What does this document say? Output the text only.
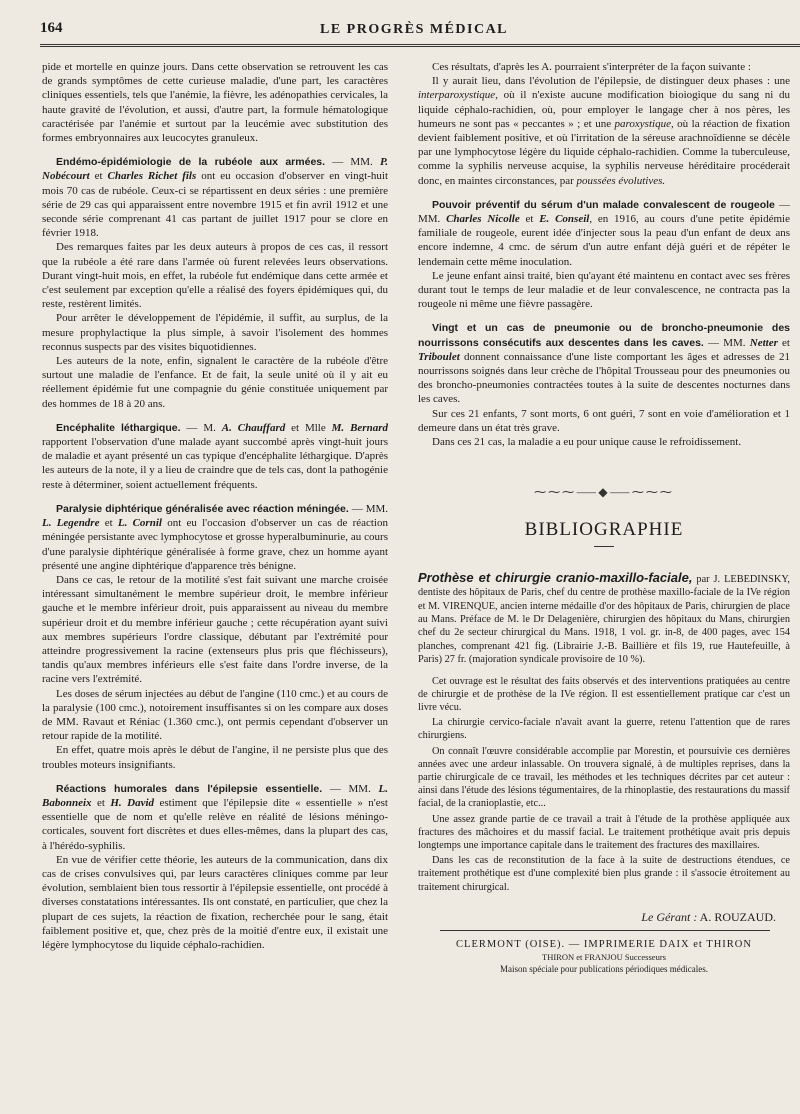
164	LE PROGRÈS MÉDICAL

pide et mortelle en quinze jours. Dans cette observation se retrouvent les cas de grands symptômes de cette curieuse maladie, d'une part, les caractères cliniques essentiels, tels que l'anémie, la fièvre, les adénopathies cervicales, la haute gravité de l'évolution, et aussi, d'autre part, la formule hématologique caractérisée par l'anémie et surtout par la leucémie avec substitution des formes embryonnaires aux leucocytes granuleux.

Endémo-épidémiologie de la rubéole aux armées. — MM. P. Nobécourt et Charles Richet fils ont eu occasion d'observer en vingt-huit mois 70 cas de rubéole. Ceux-ci se répartissent en deux séries : une première série de 29 cas qui apparaissent entre novembre 1915 et fin avril 1912 et une seconde série comprenant 41 cas partant de juillet 1917 pour se clore en février 1918.

Des remarques faites par les deux auteurs à propos de ces cas, il ressort que la rubéole a été rare dans l'armée où furent relevées leurs observations. Durant vingt-huit mois, en effet, la rubéole fut endémique dans cette armée et c'est seulement par exception qu'elle a réalisé des foyers épidémiques qui, du reste, restèrent limités.

Pour arrêter le développement de l'épidémie, il suffit, au surplus, de la mesure prophylactique la plus simple, à savoir l'isolement des hommes reconnus suspects par des visites biquotidiennes.

Les auteurs de la note, enfin, signalent le caractère de la rubéole d'être surtout une maladie de l'enfance. Et de fait, la seule unité où il y ait eu réellement épidémie fut une compagnie du génie constituée uniquement par des hommes de 18 à 20 ans.

Encéphalite léthargique. — M. A. Chauffard et Mlle M. Bernard rapportent l'observation d'une malade ayant succombé après vingt-huit jours de maladie et ayant présenté un cas typique d'encéphalite léthargique. D'après les auteurs de la note, il y a lieu de craindre que de tels cas, dont la pathogénie reste à déterminer, soient actuellement fréquents.

Paralysie diphtérique généralisée avec réaction méningée. — MM. L. Legendre et L. Cornil ont eu l'occasion d'observer un cas de réaction méningée persistante avec lymphocytose et grosse hyperalbuminurie, au cours d'une paralysie diphtérique généralisée à forme grave, chez un homme ayant présenté une angine diphtérique d'apparence très bénigne.

Dans ce cas, le retour de la motilité s'est fait suivant une marche croisée intéressant simultanément le membre supérieur droit, le membre inférieur gauche et le membre inférieur droit, puis apparaissent au niveau du membre supérieur droit et du membre inférieur gauche ; cette récupération ayant suivi aux membres supérieurs l'ordre classique, débutant par l'extrémité pour atteindre progressivement la racine (extenseurs plus pris que fléchisseurs), tandis qu'aux membres inférieurs elle s'est faite dans l'ordre inverse, de la racine vers l'extrémité.

Les doses de sérum injectées au début de l'angine (110 cmc.) et au cours de la paralysie (100 cmc.), notoirement insuffisantes si on les compare aux doses de MM. Ravaut et Réniac (1.360 cmc.), ont permis cependant d'observer un retour rapide de la motilité.

En effet, quatre mois après le début de l'angine, il ne persiste plus que des troubles moteurs insignifiants.

Réactions humorales dans l'épilepsie essentielle. — MM. L. Babonneix et H. David estiment que l'épilepsie dite « essentielle » n'est essentielle que de nom et qu'elle relève en réalité de lésions méningo-corticales, souvent fort discrètes et dues elles-mêmes, dans la plupart des cas, à l'hérédo-syphilis.

En vue de vérifier cette théorie, les auteurs de la communication, dans dix cas de crises convulsives qui, par leurs caractères cliniques comme par leur évolution, semblaient bien tous ressortir à l'épilepsie essentielle, ont procédé à diverses constatations intéressantes. Ils ont constaté, en particulier, que chez la plupart de ces sujets, la réaction de fixation, recherchée pour le sang, était faiblement positive et, que, chez près de la moitié d'entre eux, il existait une légère lymphocytose du liquide céphalo-rachidien.

Ces résultats, d'après les A. pourraient s'interpréter de la façon suivante :

Il y aurait lieu, dans l'évolution de l'épilepsie, de distinguer deux phases : une interparoxystique, où il n'existe aucune modification bioiogique du sang ni du liquide céphalo-rachidien, où, pour employer le langage cher à nos pères, les humeurs ne sont pas « peccantes » ; et une paroxystique, où la réaction de fixation devient faiblement positive, et où l'irritation de la séreuse arachnoïdienne se décèle par une lymphocytose légère du liquide céphalo-rachidien. Comme la tuberculeuse, comme la syphilis nerveuse acquise, la syphilis nerveuse héréditaire procéderait donc, en maintes circonstances, par poussées évolutives.

Pouvoir préventif du sérum d'un malade convalescent de rougeole — MM. Charles Nicolle et E. Conseil, en 1916, au cours d'une petite épidémie familiale de rougeole, eurent idée d'injecter sous la peau d'un enfant de deux ans encore indemne, 4 cmc. de sérum d'un autre enfant déjà guéri et de répéter le lendemain cette même inoculation.

Le jeune enfant ainsi traité, bien qu'ayant été maintenu en contact avec ses frères durant tout le temps de leur maladie et de leur convalescence, ne contracta pas la rougeole ni même une fièvre passagère.

Vingt et un cas de pneumonie ou de broncho-pneumonie des nourrissons consécutifs aux descentes dans les caves. — MM. Netter et Triboulet donnent connaissance d'une liste comportant les âges et adresses de 21 nourrissons soignés dans leur crèche de l'hôpital Trousseau pour des pneumonies ou des broncho-pneumonies contractées toutes à la suite de descentes nocturnes dans les caves.

Sur ces 21 enfants, 7 sont morts, 6 ont guéri, 7 sont en voie d'amélioration et 1 demeure dans un état très grave.

Dans ces 21 cas, la maladie a eu pour unique cause le refroidissement.

⁓⁓⁓⸺◆⸺⁓⁓⁓
BIBLIOGRAPHIE

Prothèse et chirurgie cranio-maxillo-faciale, par J. LEBEDINSKY, dentiste des hôpitaux de Paris, chef du centre de prothèse maxillo-faciale de la IVe région et M. VIRENQUE, ancien interne médaille d'or des hôpitaux de Paris, chirurgien de place au Mans. Préface de M. le Dr Delagenière, chirurgien des hôpitaux du Mans, chirurgien chef du 2e secteur chirurgical du Mans. 1918, 1 vol. gr. in-8, de 400 pages, avec 154 planches, comprenant 421 fig. (Librairie J.-B. Baillière et fils 19, rue Hautefeuille, à Paris) 27 fr. (majoration syndicale provisoire de 10 %).

Cet ouvrage est le résultat des faits observés et des interventions pratiquées au centre de chirurgie et de prothèse de la IVe région. Il est essentiellement pratique car c'est un livre vécu.

La chirurgie cervico-faciale n'avait avant la guerre, retenu l'attention que de rares chirurgiens.

On connaît l'œuvre considérable accomplie par Morestin, et poursuivie ces dernières années avec une ardeur inlassable. On trouvera signalé, à de multiples reprises, dans la partie chirurgicale de ce travail, les méthodes et les techniques décrites par cet auteur : ainsi dans l'étude des lésions tégumentaires, de la rhinoplastie, des restaurations du massif facial, de la cranioplastie, etc...

Une assez grande partie de ce travail a trait à l'étude de la prothèse appliquée aux fractures des mâchoires et du massif facial. Le traitement prothétique avait pris depuis longtemps une importance capitale dans le traitement des fractures des maxillaires.

Dans les cas de reconstitution de la face à la suite de destructions étendues, ce traitement prothétique est d'une complexité bien plus grande : il s'associe étroitement au traitement chirurgical.

Le Gérant : A. ROUZAUD.
CLERMONT (OISE). — IMPRIMERIE DAIX et THIRON
THIRON et FRANJOU Successeurs
Maison spéciale pour publications périodiques médicales.
